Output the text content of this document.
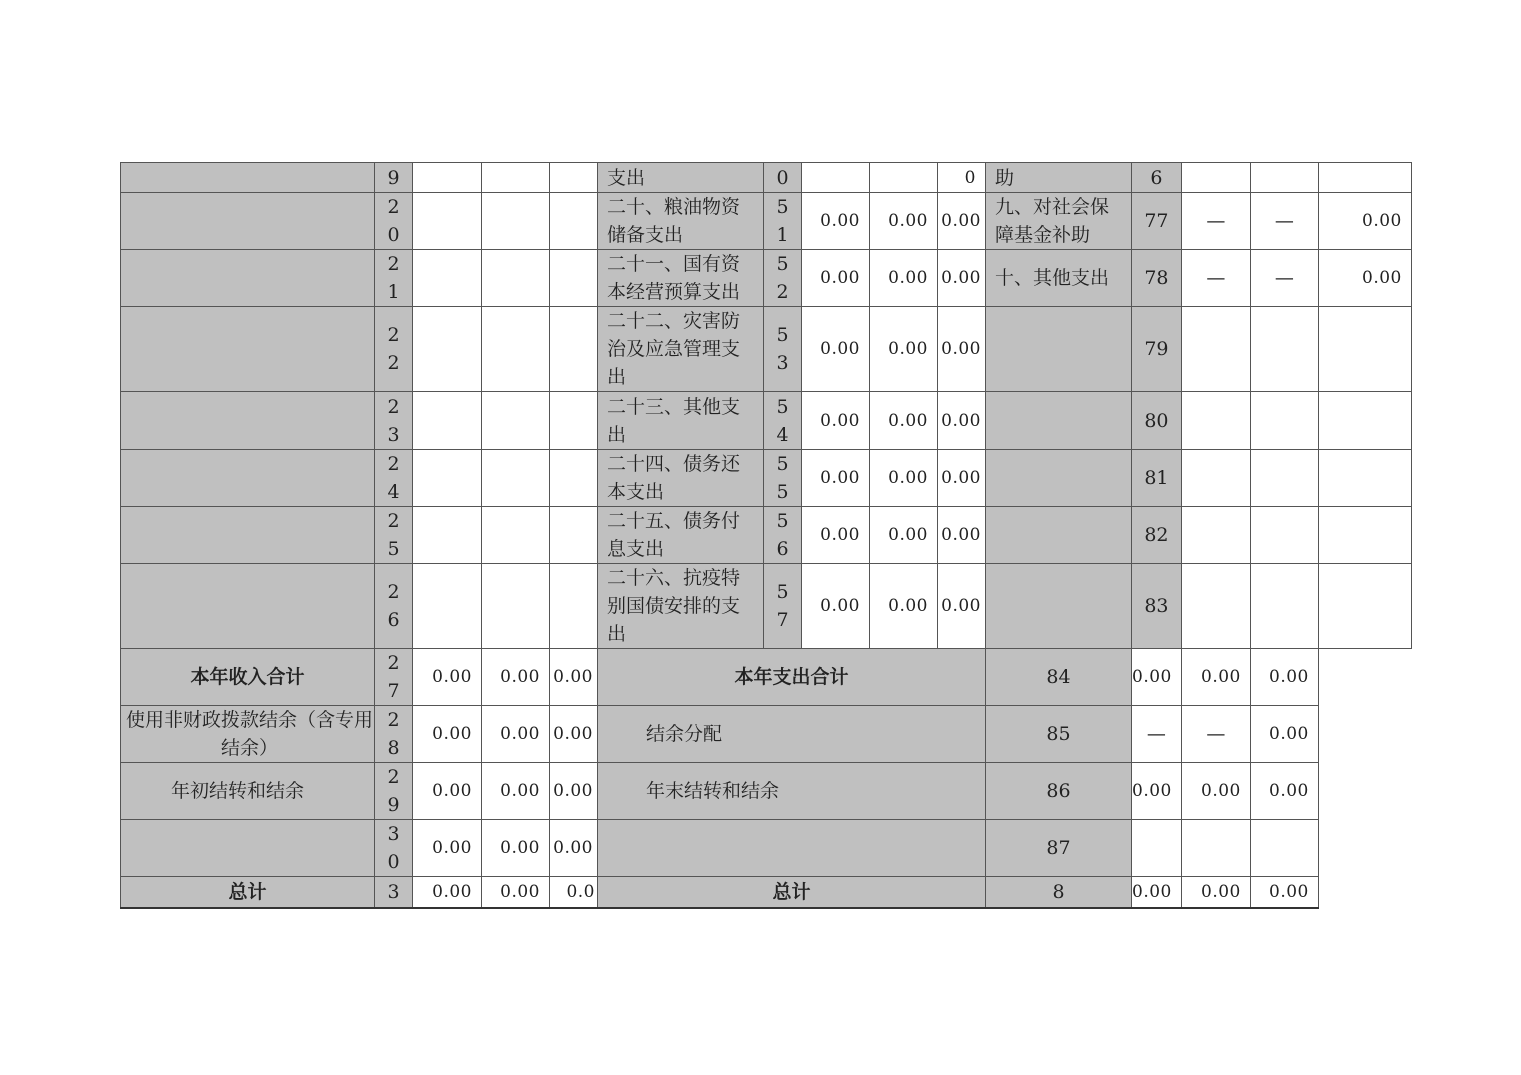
	9				支出	0			0	助	6			
	20				二十、粮油物资储备支出	51	0.00	0.00	0.00	九、对社会保障基金补助	77	—	—	0.00
	21				二十一、国有资本经营预算支出	52	0.00	0.00	0.00	十、其他支出	78	—	—	0.00
	22				二十二、灾害防治及应急管理支出	53	0.00	0.00	0.00		79			
	23				二十三、其他支出	54	0.00	0.00	0.00		80			
	24				二十四、债务还本支出	55	0.00	0.00	0.00		81			
	25				二十五、债务付息支出	56	0.00	0.00	0.00		82			
	26				二十六、抗疫特别国债安排的支出	57	0.00	0.00	0.00		83			
本年收入合计	27	0.00	0.00	0.00	本年支出合计					84	0.00	0.00	0.00	
使用非财政拨款结余（含专用结余）	28	0.00	0.00	0.00	结余分配					85	—	—	0.00	
年初结转和结余	29	0.00	0.00	0.00	年末结转和结余					86	0.00	0.00	0.00	
	30	0.00	0.00	0.00						87				
总计	3	0.00	0.00	0.0	总计					8	0.00	0.00	0.00	
